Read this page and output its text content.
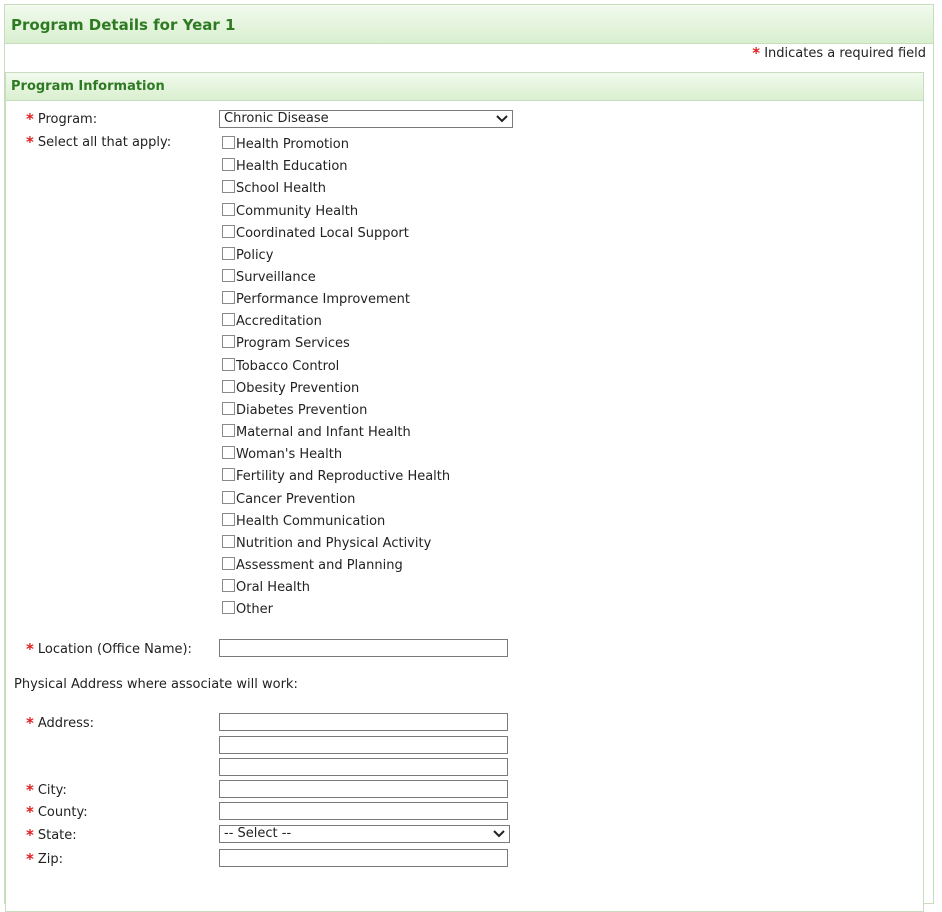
Program Details for Year 1
* Indicates a required field
Program Information
* Program:	Chronic Disease
* Select all that apply:	Health Promotion
Health Education
School Health
Community Health
Coordinated Local Support
Policy
Surveillance
Performance Improvement
Accreditation
Program Services
Tobacco Control
Obesity Prevention
Diabetes Prevention
Maternal and Infant Health
Woman's Health
Fertility and Reproductive Health
Cancer Prevention
Health Communication
Nutrition and Physical Activity
Assessment and Planning
Oral Health
Other
* Location (Office Name):
Physical Address where associate will work:
* Address:
* City:
* County:
* State:	-- Select --
* Zip:
